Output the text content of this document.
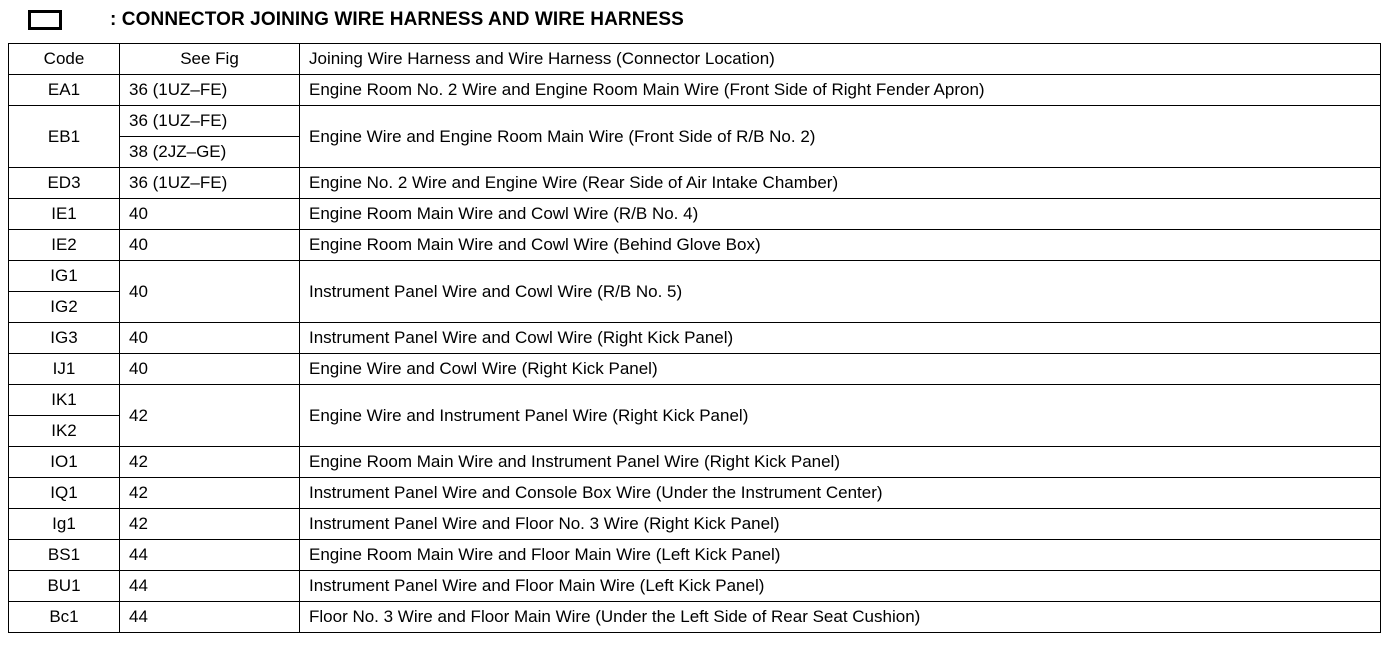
: CONNECTOR JOINING WIRE HARNESS AND WIRE HARNESS
Code	See Fig	Joining Wire Harness and Wire Harness (Connector Location)
EA1	36 (1UZ–FE)	Engine Room No. 2 Wire and Engine Room Main Wire (Front Side of Right Fender Apron)
EB1	36 (1UZ–FE)	Engine Wire and Engine Room Main Wire (Front Side of R/B No. 2)
	38 (2JZ–GE)	
ED3	36 (1UZ–FE)	Engine No. 2 Wire and Engine Wire (Rear Side of Air Intake Chamber)
IE1	40	Engine Room Main Wire and Cowl Wire (R/B No. 4)
IE2	40	Engine Room Main Wire and Cowl Wire (Behind Glove Box)
IG1	40	Instrument Panel Wire and Cowl Wire (R/B No. 5)
IG2		
IG3	40	Instrument Panel Wire and Cowl Wire (Right Kick Panel)
IJ1	40	Engine Wire and Cowl Wire (Right Kick Panel)
IK1	42	Engine Wire and Instrument Panel Wire (Right Kick Panel)
IK2		
IO1	42	Engine Room Main Wire and Instrument Panel Wire (Right Kick Panel)
IQ1	42	Instrument Panel Wire and Console Box Wire (Under the Instrument Center)
Ig1	42	Instrument Panel Wire and Floor No. 3 Wire (Right Kick Panel)
BS1	44	Engine Room Main Wire and Floor Main Wire (Left Kick Panel)
BU1	44	Instrument Panel Wire and Floor Main Wire (Left Kick Panel)
Bc1	44	Floor No. 3 Wire and Floor Main Wire (Under the Left Side of Rear Seat Cushion)
